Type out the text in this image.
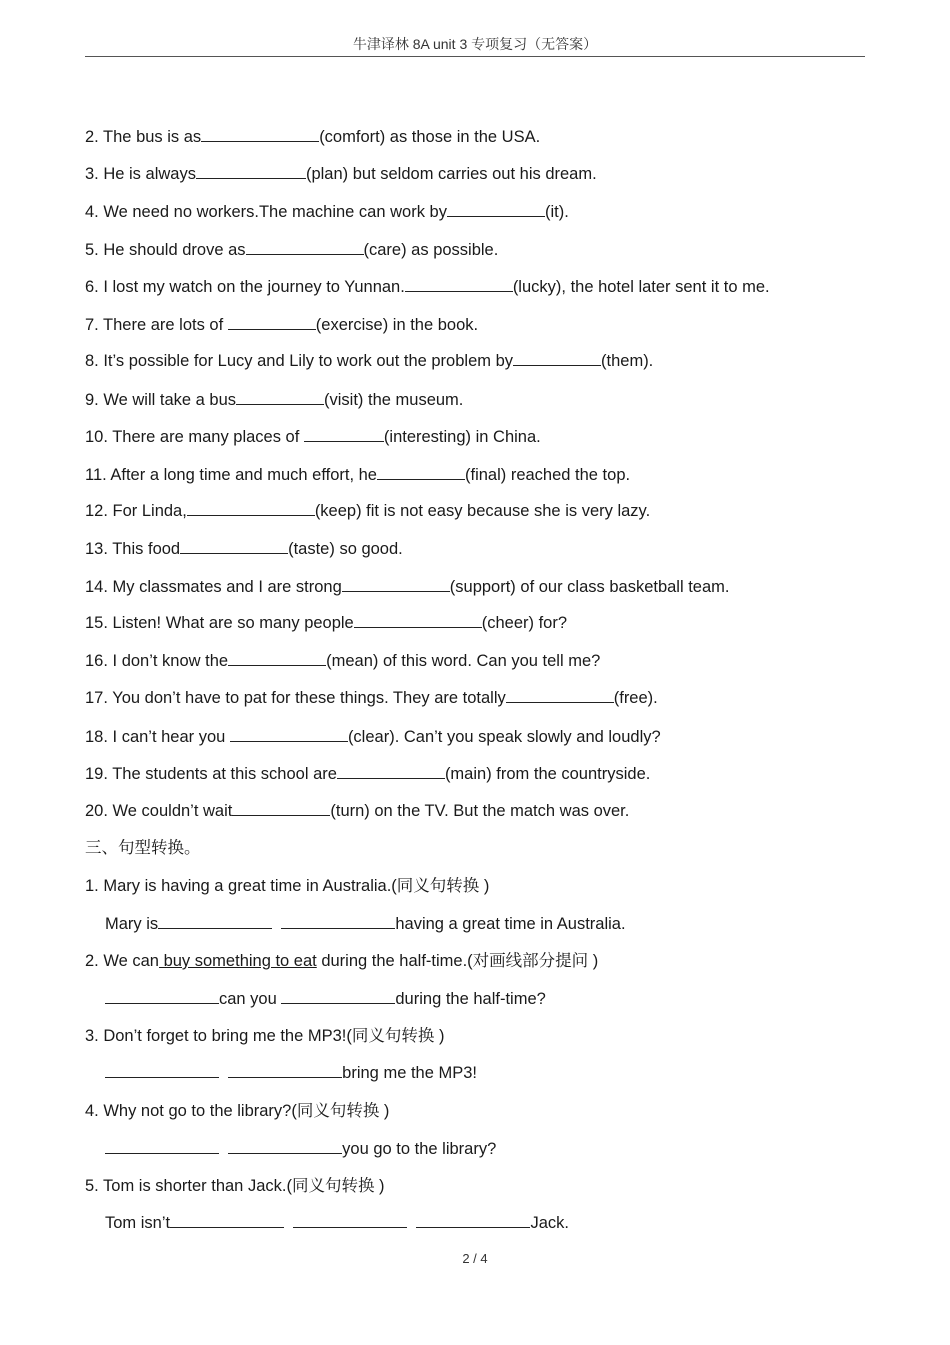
牛津译林 8A unit 3 专项复习（无答案）
2. The bus is as	(comfort) as those in the USA.
3. He is always	(plan) but seldom carries out his dream.
4. We need no workers.The machine can work by	(it).
5. He should drove as	(care) as possible.
6. I lost my watch on the journey to Yunnan.	(lucky), the hotel later sent it to me.
7. There are lots of	(exercise) in the book.
8. It’s possible for Lucy and Lily to work out the problem by	(them).
9. We will take a bus	(visit) the museum.
10. There are many places of	(interesting) in China.
11. After a long time and much effort, he	(final) reached the top.
12. For Linda,	(keep) fit is not easy because she is very lazy.
13. This food	(taste) so good.
14. My classmates and I are strong	(support) of our class basketball team.
15. Listen! What are so many people	(cheer) for?
16. I don’t know the	(mean) of this word. Can you tell me?
17. You don’t have to pat for these things. They are totally	(free).
18. I can’t hear you	(clear). Can’t you speak slowly and loudly?
19. The students at this school are	(main) from the countryside.
20. We couldn’t wait	(turn) on the TV. But the match was over.
三、句型转换。
1. Mary is having a great time in Australia.(同义句转换 )
Mary is	having a great time in Australia.
2. We can buy something to eat during the half-time.(对画线部分提问 )
can you	during the half-time?
3. Don’t forget to bring me the MP3!(同义句转换 )
bring me the MP3!
4. Why not go to the library?(同义句转换 )
you go to the library?
5. Tom is shorter than Jack.(同义句转换 )
Tom isn’t	Jack.
2 / 4
